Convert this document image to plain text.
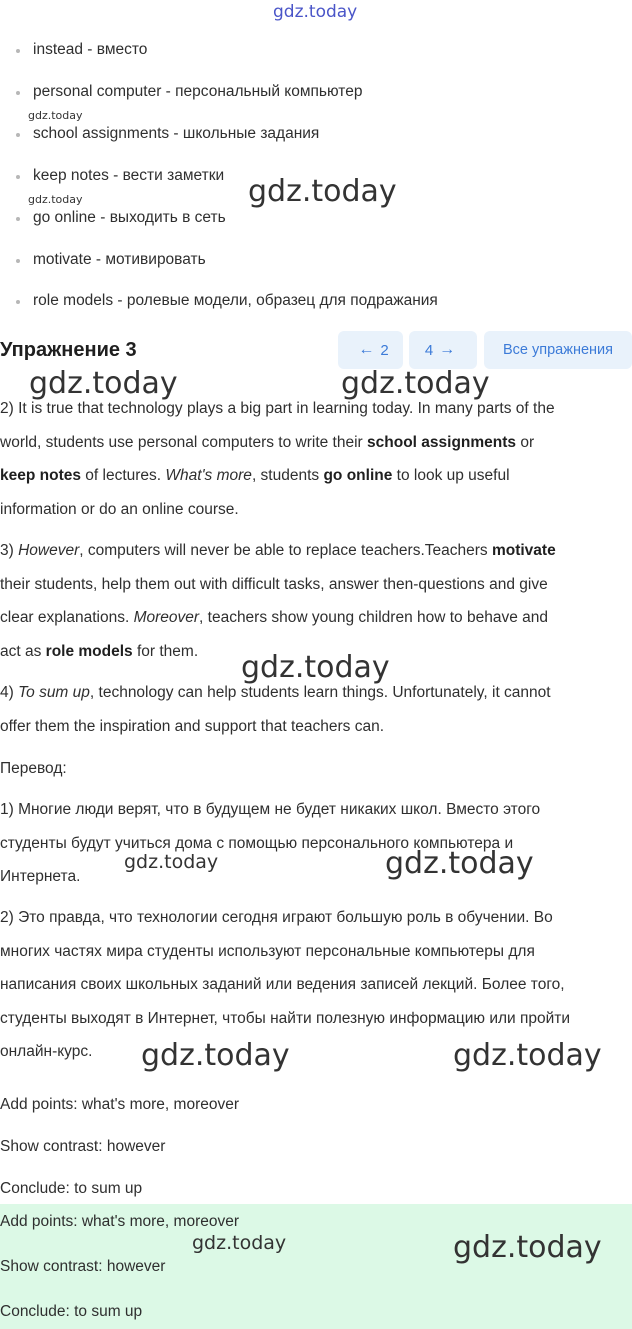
gdz.today
instead - вместо
personal computer - персональный компьютер
school assignments - школьные задания
keep notes - вести заметки
go online - выходить в сеть
motivate - мотивировать
role models - ролевые модели, образец для подражания
gdz.today
gdz.today	gdz.today
Упражнение 3	← 2 4 →	Все упражнения
gdz.today	gdz.today
2) It is true that technology plays a big part in learning today. In many parts of the
world, students use personal computers to write their school assignments or
keep notes of lectures. What's more, students go online to look up useful
information or do an online course.
3) However, computers will never be able to replace teachers.Teachers motivate
their students, help them out with difficult tasks, answer then-questions and give
clear explanations. Moreover, teachers show young children how to behave and
act as role models for them.	gdz.today
4) To sum up, technology can help students learn things. Unfortunately, it cannot
offer them the inspiration and support that teachers can.
Перевод:
1) Многие люди верят, что в будущем не будет никаких школ. Вместо этого
студенты будут учиться дома с помощью персонального компьютера и
Интернета.
gdz.today	gdz.today
2) Это правда, что технологии сегодня играют большую роль в обучении. Во
многих частях мира студенты используют персональные компьютеры для
написания своих школьных заданий или ведения записей лекций. Более того,
студенты выходят в Интернет, чтобы найти полезную информацию или пройти
онлайн-курс.	gdz.today	gdz.today
Add points: what's more, moreover
Show contrast: however
Conclude: to sum up
Add points: what's more, moreover
Show contrast: however
Conclude: to sum up
gdz.today	gdz.today
